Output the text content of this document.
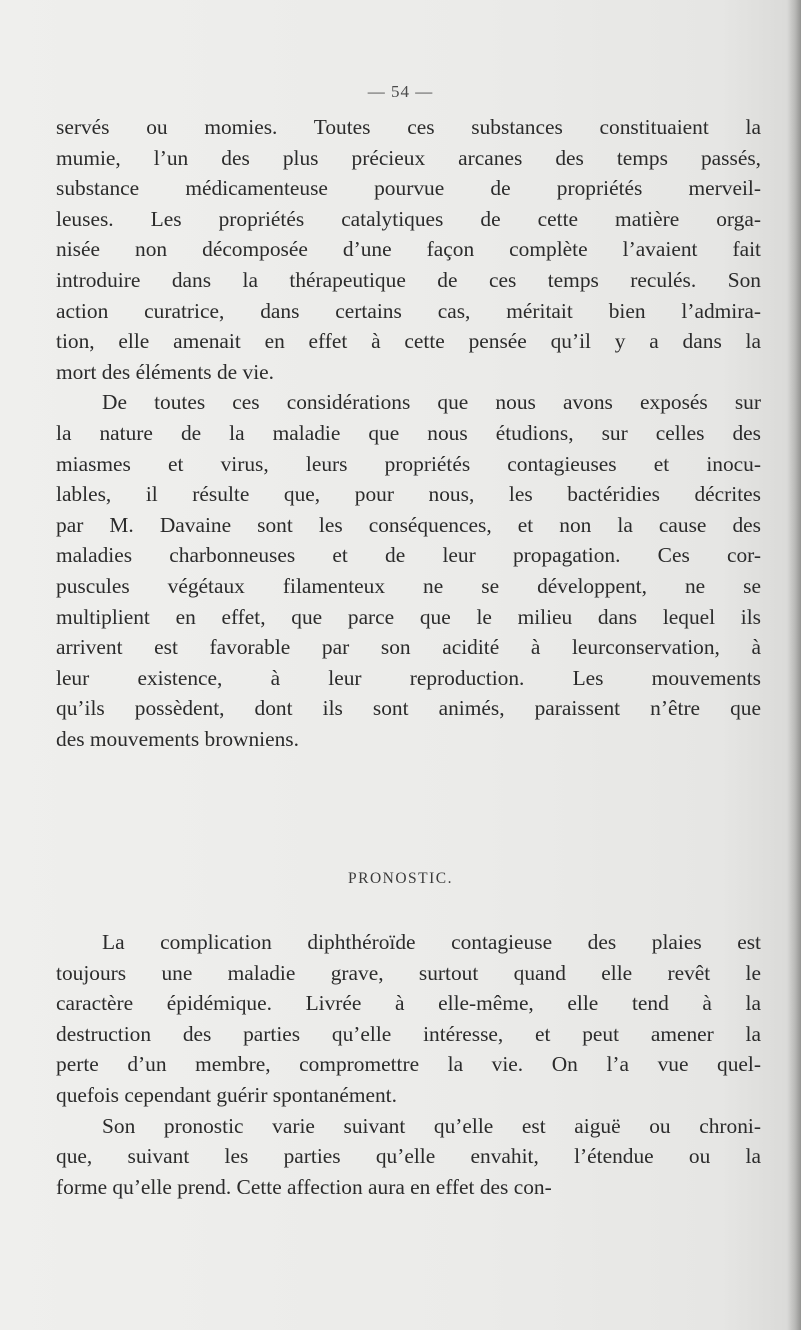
— 54 —
servés ou momies. Toutes ces substances constituaient la
mumie, l’un des plus précieux arcanes des temps passés,
substance médicamenteuse pourvue de propriétés merveil-
leuses. Les propriétés catalytiques de cette matière orga-
nisée non décomposée d’une façon complète l’avaient fait
introduire dans la thérapeutique de ces temps reculés. Son
action curatrice, dans certains cas, méritait bien l’admira-
tion, elle amenait en effet à cette pensée qu’il y a dans la
mort des éléments de vie.
De toutes ces considérations que nous avons exposés sur
la nature de la maladie que nous étudions, sur celles des
miasmes et virus, leurs propriétés contagieuses et inocu-
lables, il résulte que, pour nous, les bactéridies décrites
par M. Davaine sont les conséquences, et non la cause des
maladies charbonneuses et de leur propagation. Ces cor-
puscules végétaux filamenteux ne se développent, ne se
multiplient en effet, que parce que le milieu dans lequel ils
arrivent est favorable par son acidité à leurconservation, à
leur existence, à leur reproduction. Les mouvements
qu’ils possèdent, dont ils sont animés, paraissent n’être que
des mouvements browniens.
PRONOSTIC.
La complication diphthéroïde contagieuse des plaies est
toujours une maladie grave, surtout quand elle revêt le
caractère épidémique. Livrée à elle-même, elle tend à la
destruction des parties qu’elle intéresse, et peut amener la
perte d’un membre, compromettre la vie. On l’a vue quel-
quefois cependant guérir spontanément.
Son pronostic varie suivant qu’elle est aiguë ou chroni-
que, suivant les parties qu’elle envahit, l’étendue ou la
forme qu’elle prend. Cette affection aura en effet des con-
